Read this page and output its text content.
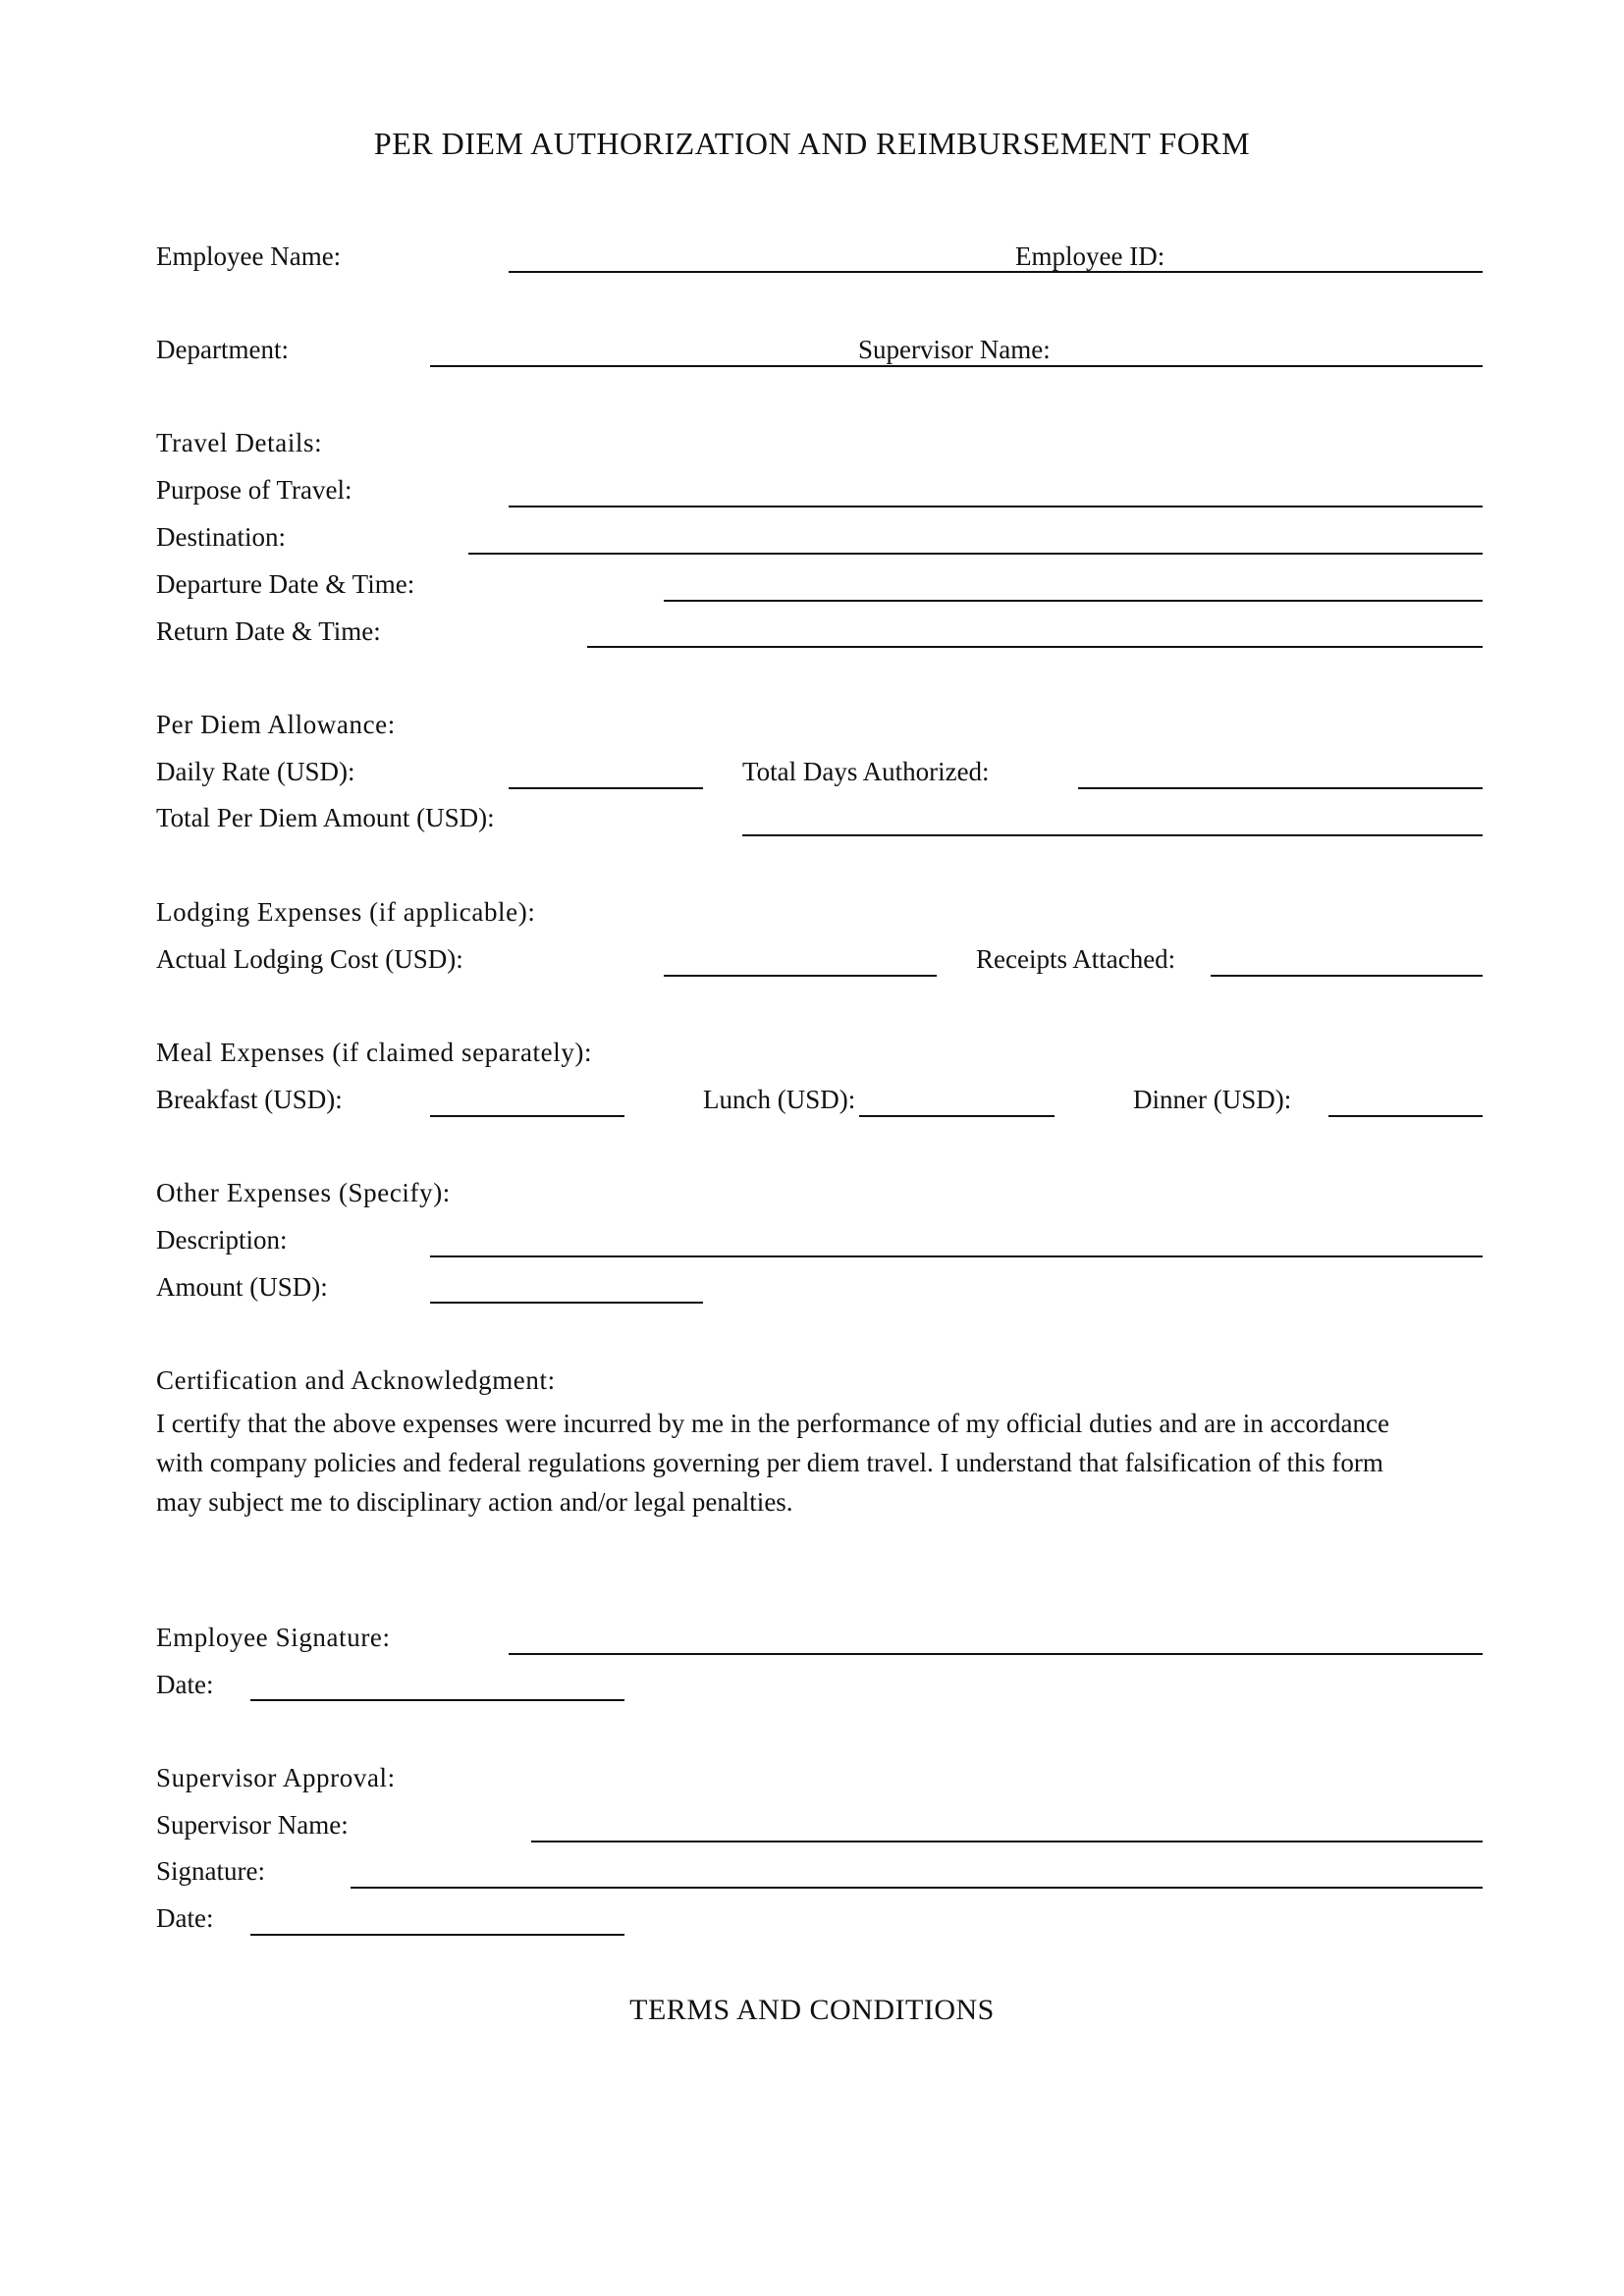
PER DIEM AUTHORIZATION AND REIMBURSEMENT FORM
Employee Name:	Employee ID:
Department:	Supervisor Name:
Travel Details:
Purpose of Travel:
Destination:
Departure Date & Time:
Return Date & Time:
Per Diem Allowance:
Daily Rate (USD):	Total Days Authorized:
Total Per Diem Amount (USD):
Lodging Expenses (if applicable):
Actual Lodging Cost (USD):	Receipts Attached:
Meal Expenses (if claimed separately):
Breakfast (USD):	Lunch (USD):	Dinner (USD):
Other Expenses (Specify):
Description:
Amount (USD):
Certification and Acknowledgment:
I certify that the above expenses were incurred by me in the performance of my official duties and are in accordance
with company policies and federal regulations governing per diem travel. I understand that falsification of this form
may subject me to disciplinary action and/or legal penalties.
Employee Signature:
Date:
Supervisor Approval:
Supervisor Name:
Signature:
Date:
TERMS AND CONDITIONS
